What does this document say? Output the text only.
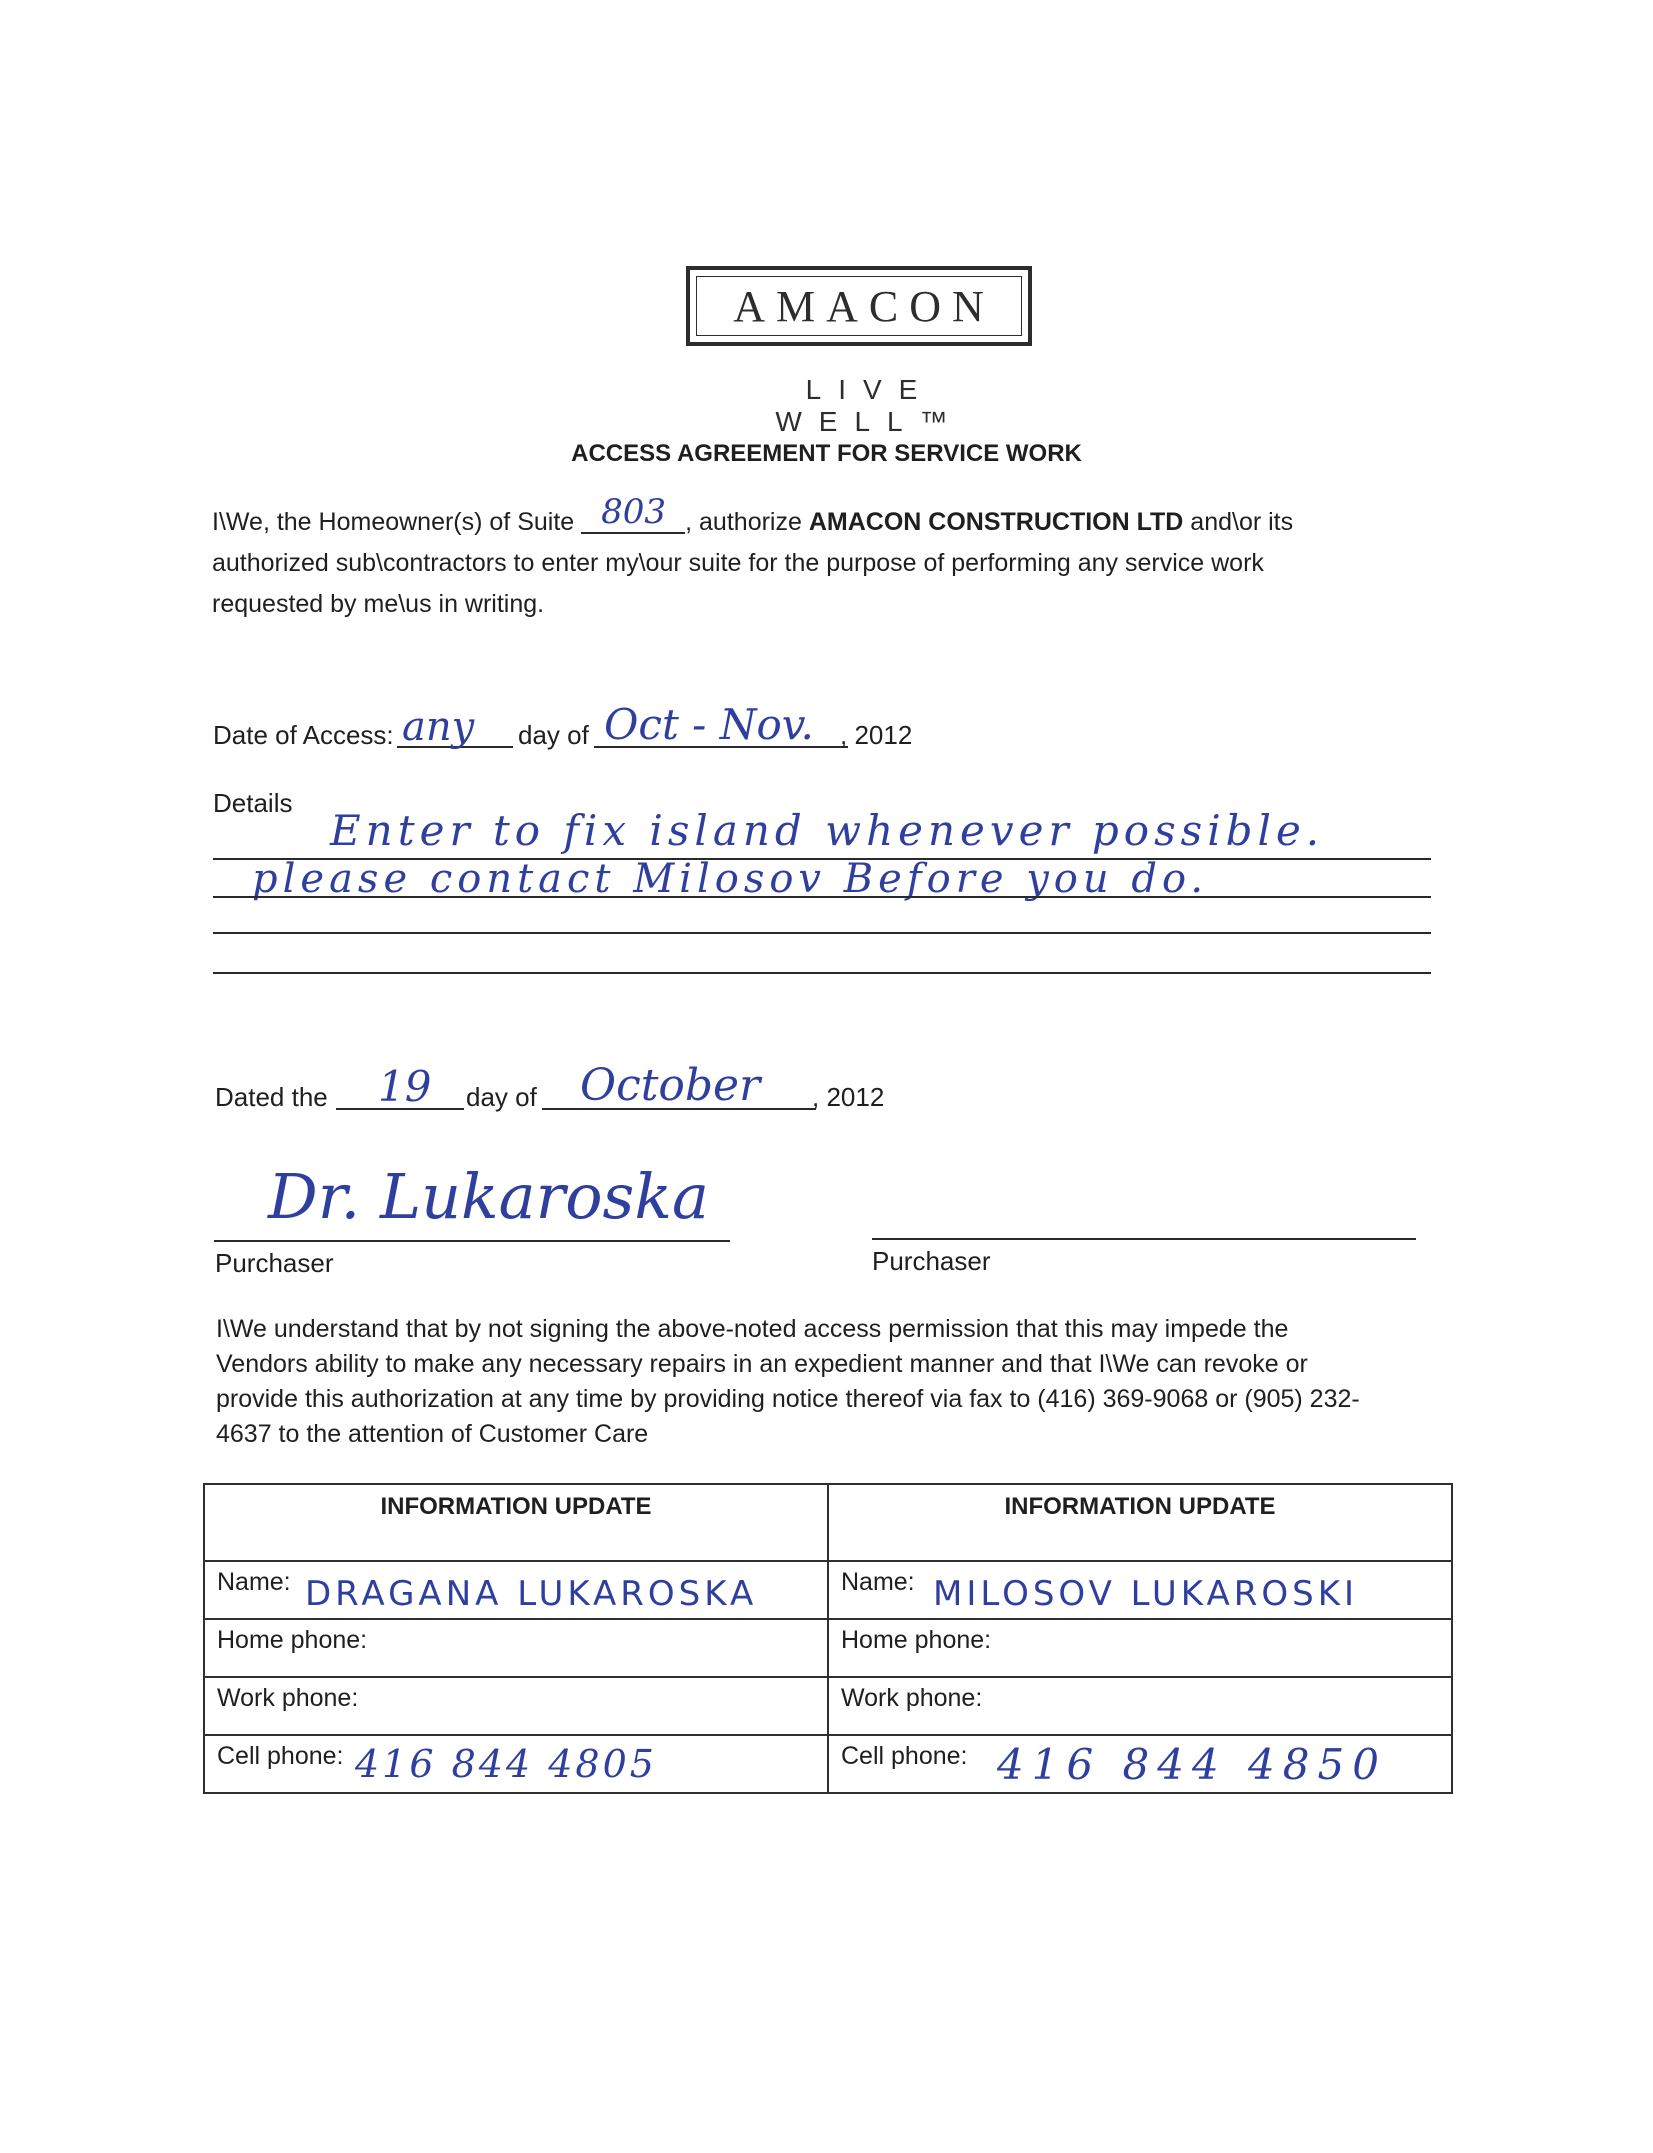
AMACON
LIVE WELL™
ACCESS AGREEMENT FOR SERVICE WORK
I\We, the Homeowner(s) of Suite 803 , authorize AMACON CONSTRUCTION LTD and\or its
authorized sub\contractors to enter my\our suite for the purpose of performing any service work
requested by me\us in writing.
Date of Access: any day of Oct - Nov. , 2012
Details
Enter to fix island whenever possible.
please contact Milosov Before you do.
Dated the 19 day of October , 2012
Dr. Lukaroska
Purchaser	Purchaser
I\We understand that by not signing the above-noted access permission that this may impede the
Vendors ability to make any necessary repairs in an expedient manner and that I\We can revoke or
provide this authorization at any time by providing notice thereof via fax to (416) 369-9068 or (905) 232-
4637 to the attention of Customer Care
INFORMATION UPDATE	INFORMATION UPDATE
Name: DRAGANA LUKAROSKA	Name: MILOSOV LUKAROSKI

Home phone:	Home phone:
Work phone:	Work phone:
Cell phone: 416 844 4805	Cell phone: 416 844 4850
